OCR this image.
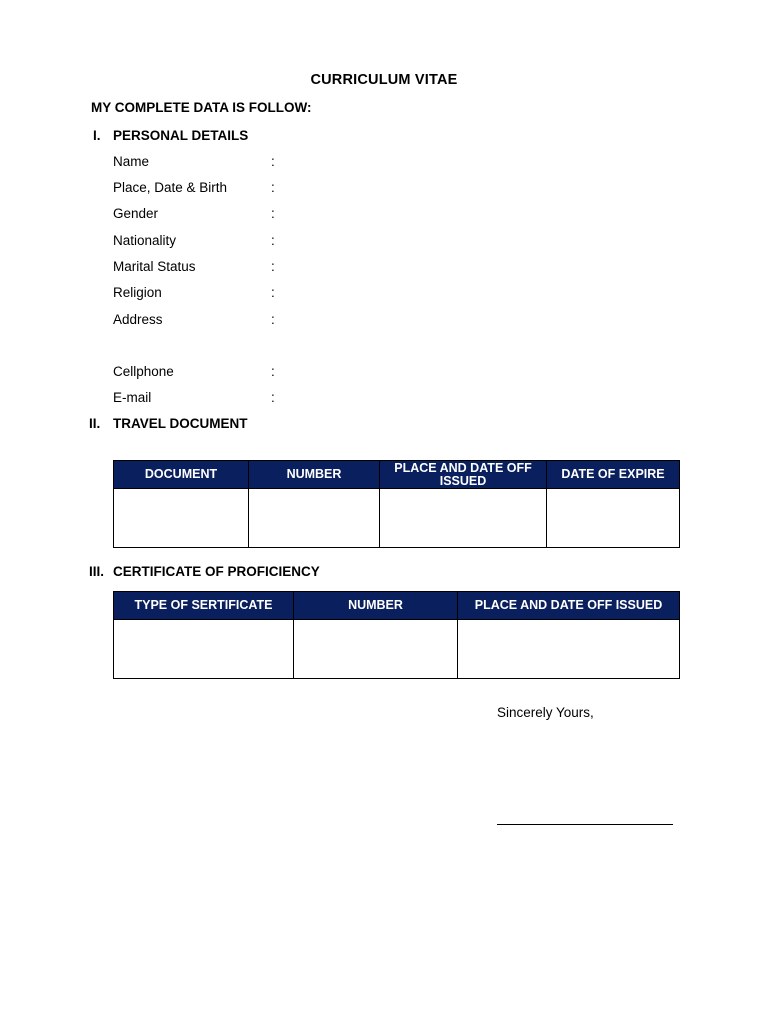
CURRICULUM VITAE
MY COMPLETE DATA IS FOLLOW:
I. PERSONAL DETAILS
Name	:
Place, Date & Birth	:
Gender	:
Nationality	:
Marital Status	:
Religion	:
Address	:
Cellphone	:
E-mail	:
II. TRAVEL DOCUMENT
DOCUMENT	NUMBER	PLACE AND DATE OFF ISSUED	DATE OF EXPIRE

III. CERTIFICATE OF PROFICIENCY
TYPE OF SERTIFICATE	NUMBER	PLACE AND DATE OFF ISSUED

Sincerely Yours,
